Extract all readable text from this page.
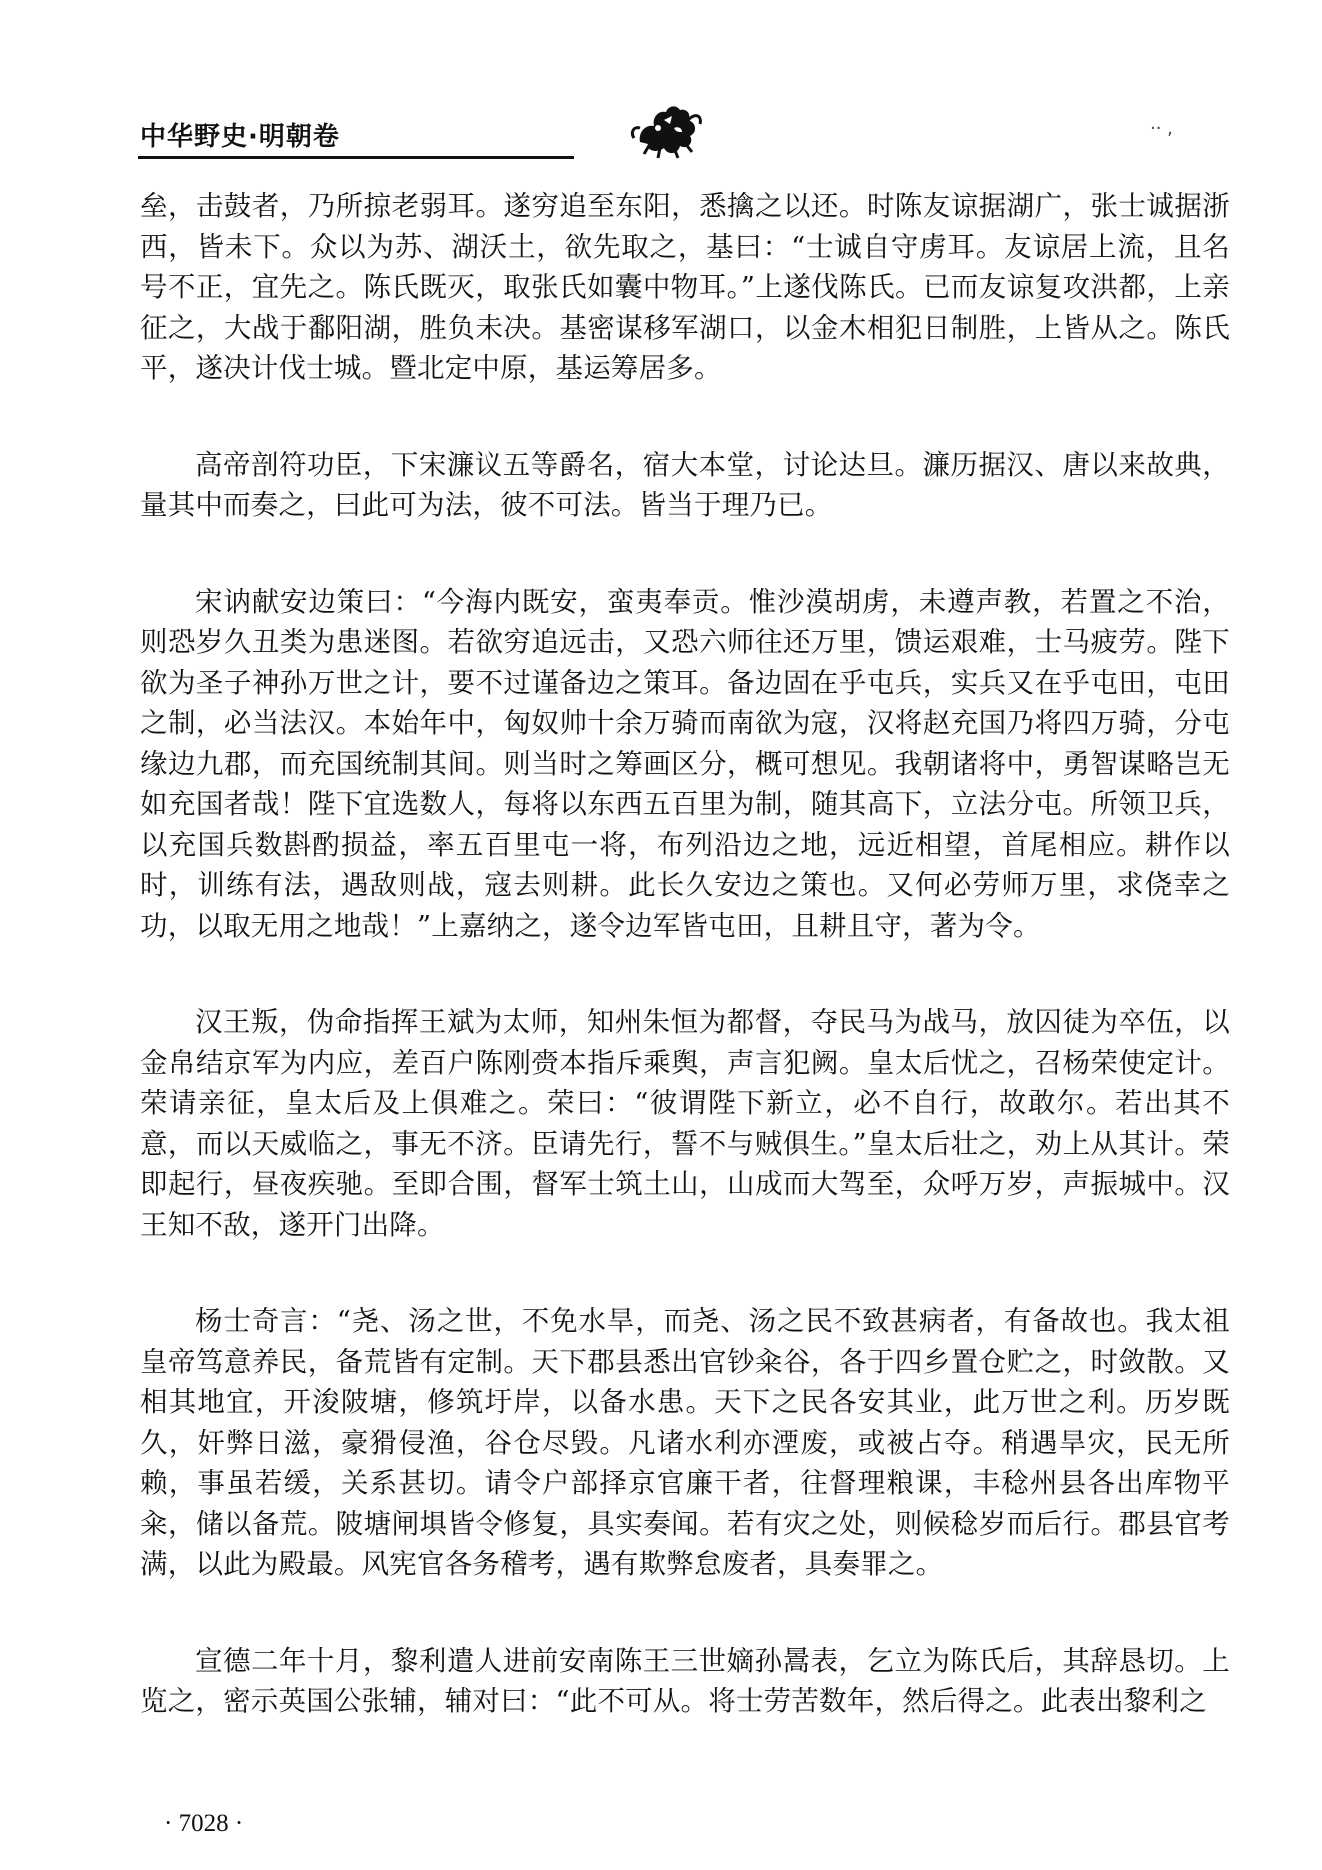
中华野史·明朝卷	·· ,

垒，击鼓者，乃所掠老弱耳。遂穷追至东阳，悉擒之以还。时陈友谅据湖广，张士诚据浙西，皆未下。众以为苏、湖沃土，欲先取之，基曰：“士诚自守虏耳。友谅居上流，且名号不正，宜先之。陈氏既灭，取张氏如囊中物耳。”上遂伐陈氏。已而友谅复攻洪都，上亲征之，大战于鄱阳湖，胜负未决。基密谋移军湖口，以金木相犯日制胜，上皆从之。陈氏平，遂决计伐士城。暨北定中原，基运筹居多。

高帝剖符功臣，下宋濂议五等爵名，宿大本堂，讨论达旦。濂历据汉、唐以来故典，量其中而奏之，曰此可为法，彼不可法。皆当于理乃已。

宋讷献安边策曰：“今海内既安，蛮夷奉贡。惟沙漠胡虏，未遵声教，若置之不治，则恐岁久丑类为患迷图。若欲穷追远击，又恐六师往还万里，馈运艰难，士马疲劳。陛下欲为圣子神孙万世之计，要不过谨备边之策耳。备边固在乎屯兵，实兵又在乎屯田，屯田之制，必当法汉。本始年中，匈奴帅十余万骑而南欲为寇，汉将赵充国乃将四万骑，分屯缘边九郡，而充国统制其间。则当时之筹画区分，概可想见。我朝诸将中，勇智谋略岂无如充国者哉！陛下宜选数人，每将以东西五百里为制，随其高下，立法分屯。所领卫兵，以充国兵数斟酌损益，率五百里屯一将，布列沿边之地，远近相望，首尾相应。耕作以时，训练有法，遇敌则战，寇去则耕。此长久安边之策也。又何必劳师万里，求侥幸之功，以取无用之地哉！”上嘉纳之，遂令边军皆屯田，且耕且守，著为令。

汉王叛，伪命指挥王斌为太师，知州朱恒为都督，夺民马为战马，放囚徒为卒伍，以金帛结京军为内应，差百户陈刚赍本指斥乘舆，声言犯阙。皇太后忧之，召杨荣使定计。荣请亲征，皇太后及上俱难之。荣曰：“彼谓陛下新立，必不自行，故敢尔。若出其不意，而以天威临之，事无不济。臣请先行，誓不与贼俱生。”皇太后壮之，劝上从其计。荣即起行，昼夜疾驰。至即合围，督军士筑土山，山成而大驾至，众呼万岁，声振城中。汉王知不敌，遂开门出降。

杨士奇言：“尧、汤之世，不免水旱，而尧、汤之民不致甚病者，有备故也。我太祖皇帝笃意养民，备荒皆有定制。天下郡县悉出官钞籴谷，各于四乡置仓贮之，时敛散。又相其地宜，开浚陂塘，修筑圩岸，以备水患。天下之民各安其业，此万世之利。历岁既久，奸弊日滋，豪猾侵渔，谷仓尽毁。凡诸水利亦湮废，或被占夺。稍遇旱灾，民无所赖，事虽若缓，关系甚切。请令户部择京官廉干者，往督理粮课，丰稔州县各出库物平籴，储以备荒。陂塘闸埧皆令修复，具实奏闻。若有灾之处，则候稔岁而后行。郡县官考满，以此为殿最。风宪官各务稽考，遇有欺弊怠废者，具奏罪之。

宣德二年十月，黎利遣人进前安南陈王三世嫡孙暠表，乞立为陈氏后，其辞恳切。上览之，密示英国公张辅，辅对曰：“此不可从。将士劳苦数年，然后得之。此表出黎利之

· 7028 ·
